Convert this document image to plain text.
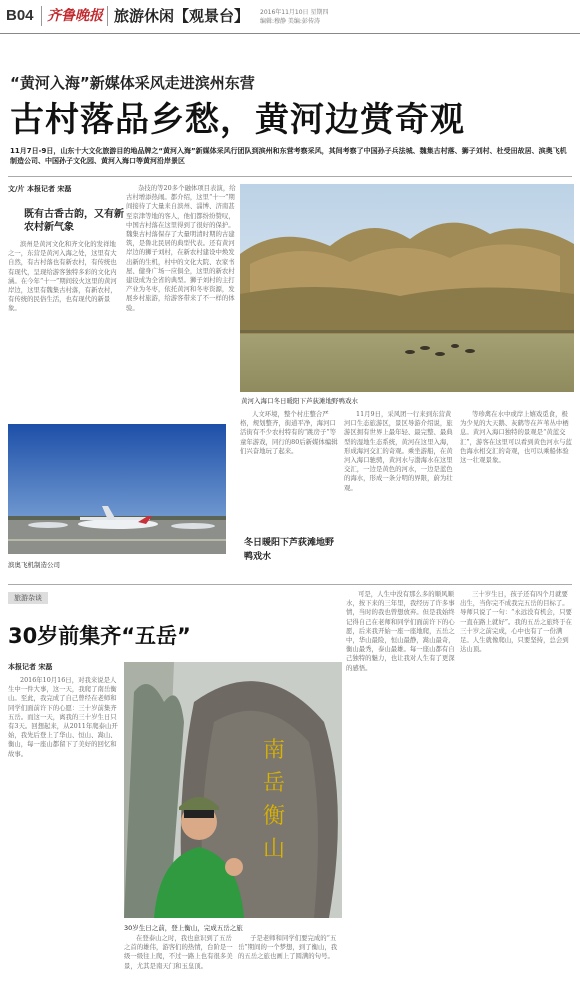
B04 齐鲁晚报 旅游休闲【观景台】 2016年11月10日 星期四
编辑:穆静 美编:彭传涛
“黄河入海”新媒体采风走进滨州东营
古村落品乡愁，黄河边赏奇观
11月7日-9日，山东十大文化旅游目的地品牌之“黄河入海”新媒体采风行团队到滨州和东营考察采风，其间考察了中国孙子兵法城、魏集古村落、狮子刘村、杜受田故居、滨奥飞机制造公司、中国孙子文化园、黄河入海口等黄河沿岸景区
文/片 本报记者 宋磊
既有古香古韵，又有新农村新气象
滨州是黄河文化和齐文化的发祥地之一，东营是黄河入海之处，这里有大自然，有古村落也有新农村，有传统也有现代，呈现给游客独特多彩的文化内涵。在今年“十一”期间较火这里的黄河岸边，这里有魏集古村落，有新农村，有传统的民俗生活，也有现代的新景象。
杂技的等20多个融体项目表演，给古村增添热闹。都介绍，这里“十一”期间接待了大量来自滨州、淄博、济南甚至京津等地的客人，他们都纷纷赞叹，中国古村落在这里得到了很好的保护。魏集古村落保存了大量明清时期的古建筑，是鲁北民居的典型代表。还有黄河岸边的狮子刘村，在新农村建设中焕发出新的生机，村中的文化大院、农家书屋、健身广场一应俱全，这里的新农村建设成为全省的典型。狮子刘村的主打产业为冬枣，依托黄河和冬枣资源，发展乡村旅游，给游客带来了不一样的体验。
黄河入海口冬日暖阳下芦荻滩地野鸭戏水
滨奥飞机制造公司
人文环境，整个村庄整合严格，规划整齐，街道平净，海河口活街有不少农村特有的“跳房子”等童年游戏，同行的80后新媒体编辑们兴奋地玩了起来。
冬日暖阳下芦荻滩地野鸭戏水
11月9日，采风团一行来到东营黄河口生态旅游区，景区导游介绍说，旅游区拥有世界上最年轻、最完整、最典型的湿地生态系统，黄河在这里入海，形成海河交汇的奇观。乘坐游船，在黄河入海口驰骋，黄河水与渤海水在这里交汇，一边是黄色的河水，一边是蓝色的海水，形成一条分明的界限，蔚为壮观。
等珍禽在水中或岸上嬉戏觅食，极为少见的大天鹅、灰鹤等在芦苇丛中栖息。黄河入海口独特的景观是“黄蓝交汇”，游客在这里可以看到黄色河水与蓝色海水相交汇的奇观，也可以乘船体验这一壮观景象。
旅游杂谈
30岁前集齐“五岳”
本报记者 宋磊
2016年10月16日，对我来说是人生中一件大事，这一天，我爬了南岳衡山。至此，我完成了自己曾经在老师和同学们面前许下的心愿：三十岁前集齐五岳。而这一天，离我的三十岁生日只有3天。回想起来，从2011年爬泰山开始，我先后登上了华山、恒山、嵩山、衡山，每一座山都留下了美好的回忆和故事。	南
岳
衡
山
30岁生日之前，登上衡山，完成五岳之旅
在登泰山之时，我也意识到了五岳之首的雄伟，游客们的热情，台阶是一级一级往上爬，不过一路上也有很多美景，尤其是南天门和玉皇顶。
子是老师和同学们要完成的“五岳”期间的一个梦想，到了衡山，我的五岳之旅也画上了圆满的句号。
可是，人生中没有那么多的顺风顺水，按下来的三年里，我经历了许多事情，当时的我也曾想放弃。但是我始终记得自己在老师和同学们面前许下的心愿，后来我开始一座一座地爬，五岳之中，华山最险，恒山最静，嵩山最奇，衡山最秀，泰山最雄。每一座山都有自己独特的魅力，也让我对人生有了更深的感悟。
三十岁生日，孩子还有四个月就要出生，当你完不成我完五岳的目标了。导师只说了一句：“永远没有机会，只要一直在路上就好”。我的五岳之旅终于在三十岁之前完成，心中也有了一份满足。人生就像爬山，只要坚持，总会到达山顶。
